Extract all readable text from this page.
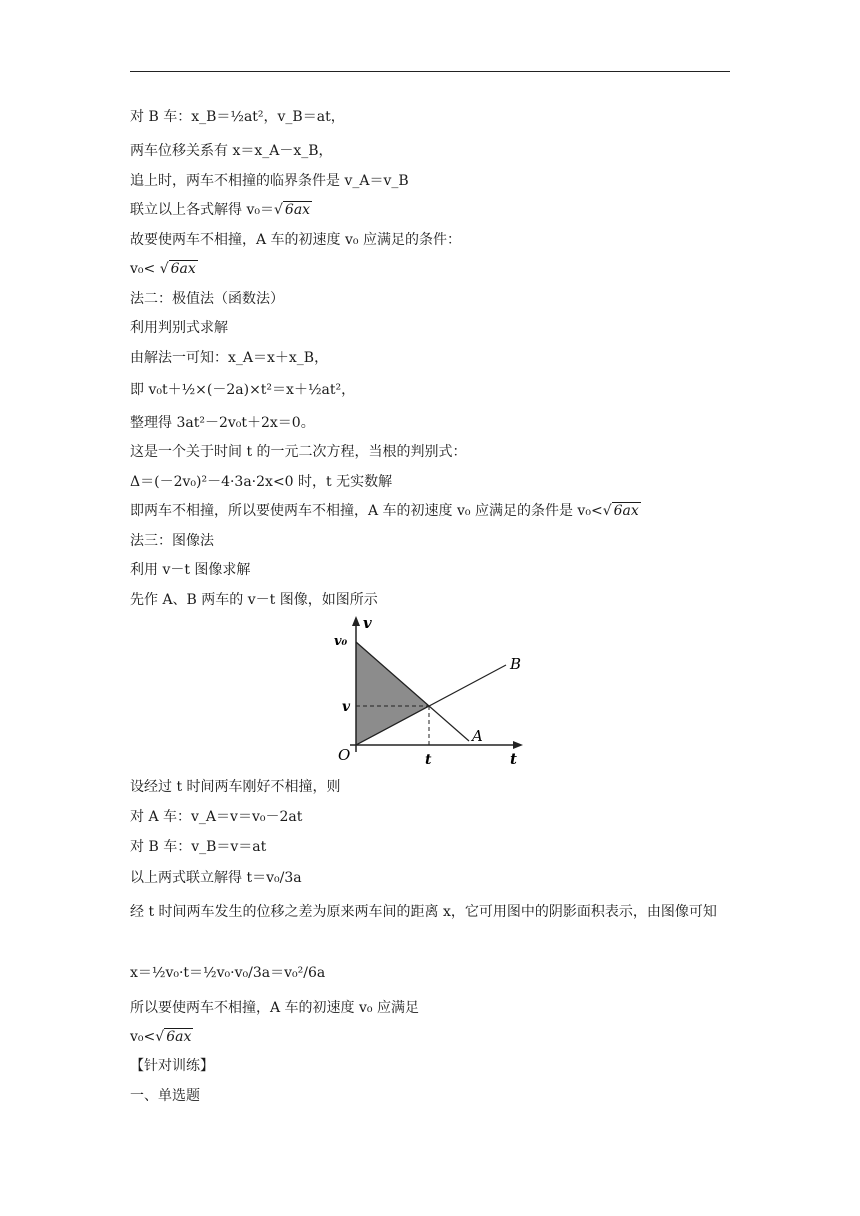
对 B 车：x_B＝½at²，v_B＝at，
两车位移关系有 x＝x_A－x_B，
追上时，两车不相撞的临界条件是 v_A＝v_B
联立以上各式解得 v₀＝√ 6ax
故要使两车不相撞，A 车的初速度 v₀ 应满足的条件：
v₀< √ 6ax
法二：极值法（函数法）
利用判别式求解
由解法一可知：x_A＝x＋x_B，
即 v₀t＋½×(－2a)×t²＝x＋½at²，
整理得 3at²－2v₀t＋2x＝0。
这是一个关于时间 t 的一元二次方程，当根的判别式：
Δ＝(－2v₀)²－4·3a·2x<0 时，t 无实数解
即两车不相撞，所以要使两车不相撞，A 车的初速度 v₀ 应满足的条件是 v₀<√ 6ax
法三：图像法
利用 v－t 图像求解
先作 A、B 两车的 v－t 图像，如图所示
设经过 t 时间两车刚好不相撞，则
对 A 车：v_A＝v＝v₀－2at
对 B 车：v_B＝v＝at
以上两式联立解得 t＝v₀/3a
经 t 时间两车发生的位移之差为原来两车间的距离 x，它可用图中的阴影面积表示，由图像可知
x＝½v₀·t＝½v₀·v₀/3a＝v₀²/6a
所以要使两车不相撞，A 车的初速度 v₀ 应满足
v₀<√ 6ax
【针对训练】
一、单选题
v
t
O
v₀
v
t
A
B
